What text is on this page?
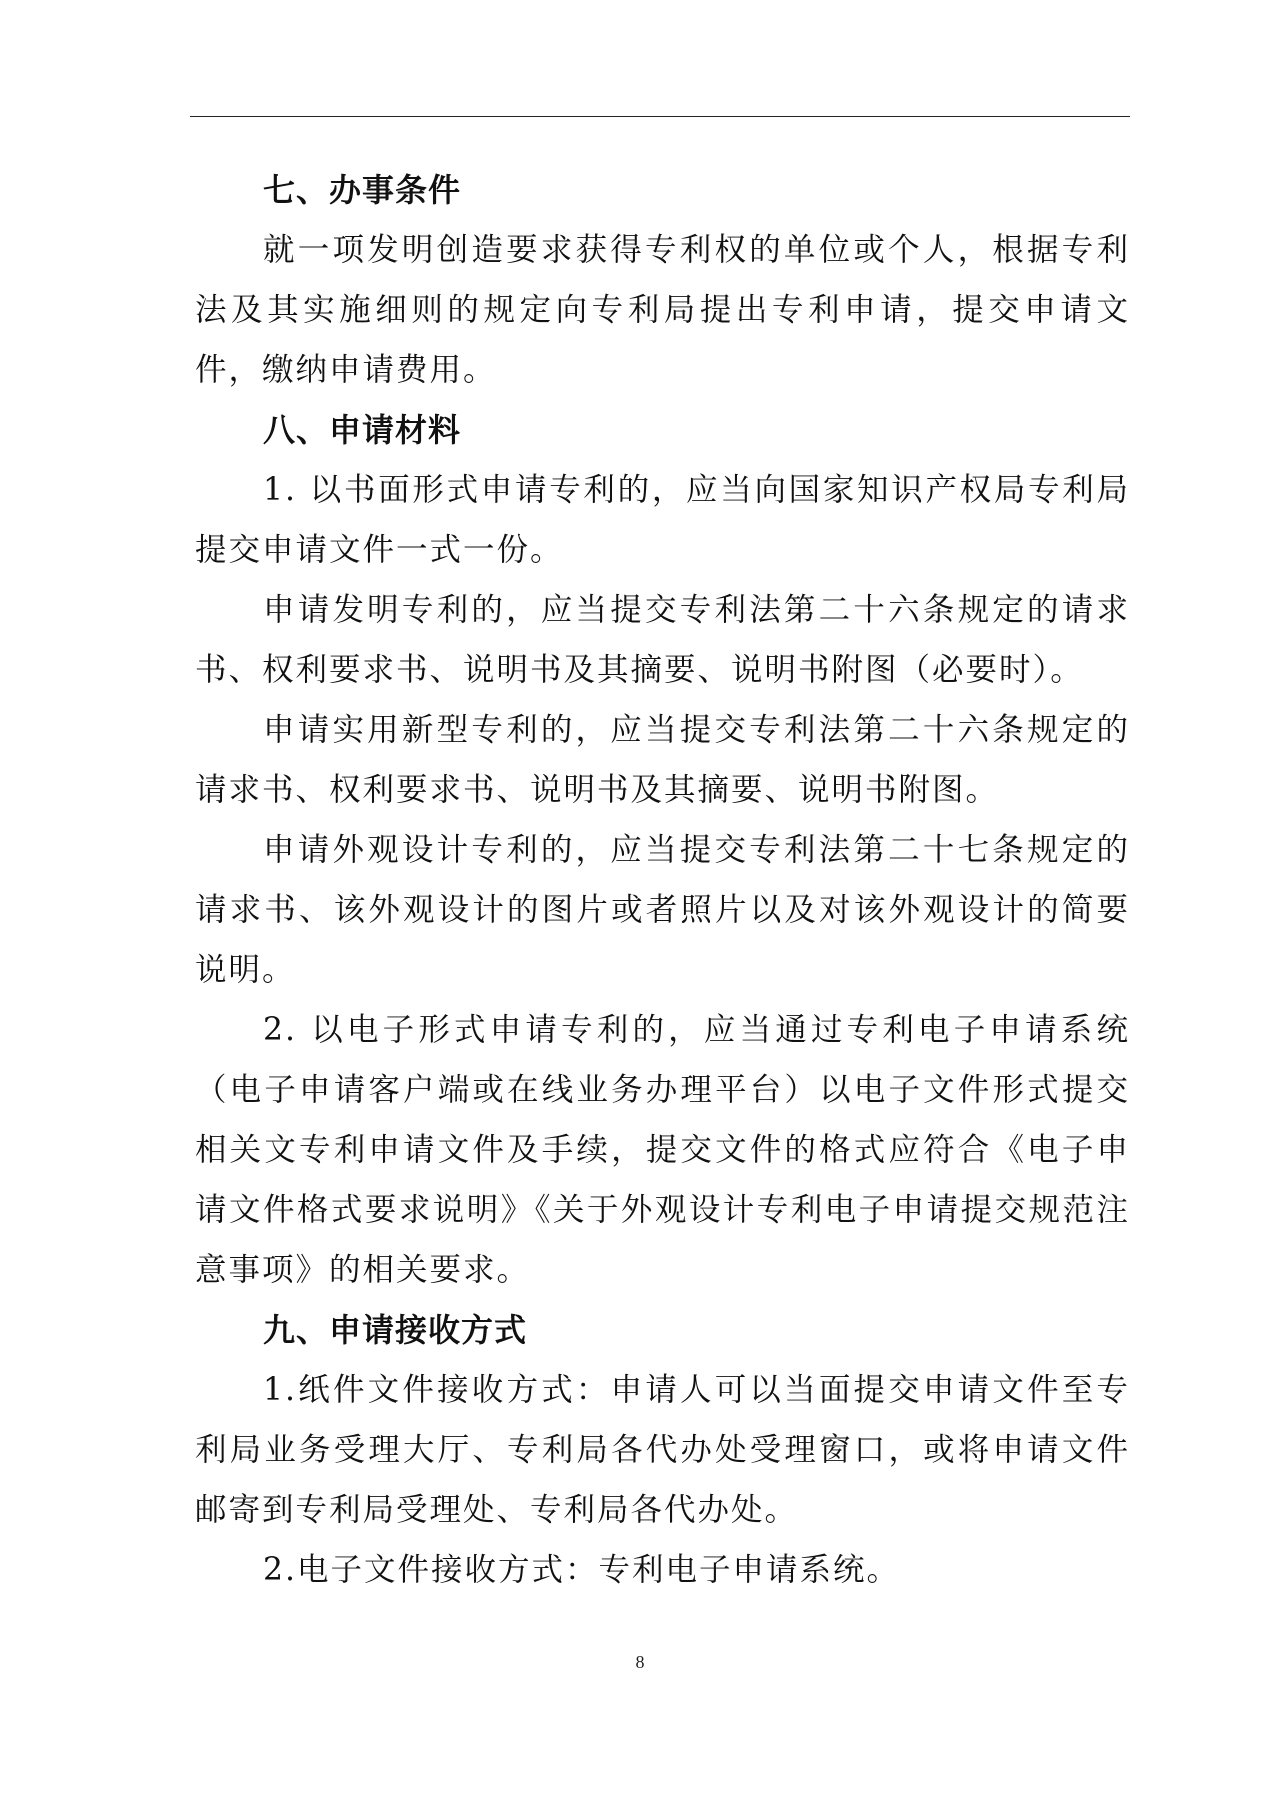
七、办事条件

就一项发明创造要求获得专利权的单位或个人，根据专利法及其实施细则的规定向专利局提出专利申请，提交申请文件，缴纳申请费用。

八、申请材料

1. 以书面形式申请专利的，应当向国家知识产权局专利局提交申请文件一式一份。

申请发明专利的，应当提交专利法第二十六条规定的请求书、权利要求书、说明书及其摘要、说明书附图（必要时）。

申请实用新型专利的，应当提交专利法第二十六条规定的请求书、权利要求书、说明书及其摘要、说明书附图。

申请外观设计专利的，应当提交专利法第二十七条规定的请求书、该外观设计的图片或者照片以及对该外观设计的简要说明。

2. 以电子形式申请专利的，应当通过专利电子申请系统（电子申请客户端或在线业务办理平台）以电子文件形式提交相关文专利申请文件及手续，提交文件的格式应符合《电子申请文件格式要求说明》《关于外观设计专利电子申请提交规范注意事项》的相关要求。

九、申请接收方式

1.纸件文件接收方式：申请人可以当面提交申请文件至专利局业务受理大厅、专利局各代办处受理窗口，或将申请文件邮寄到专利局受理处、专利局各代办处。

2.电子文件接收方式：专利电子申请系统。

8
